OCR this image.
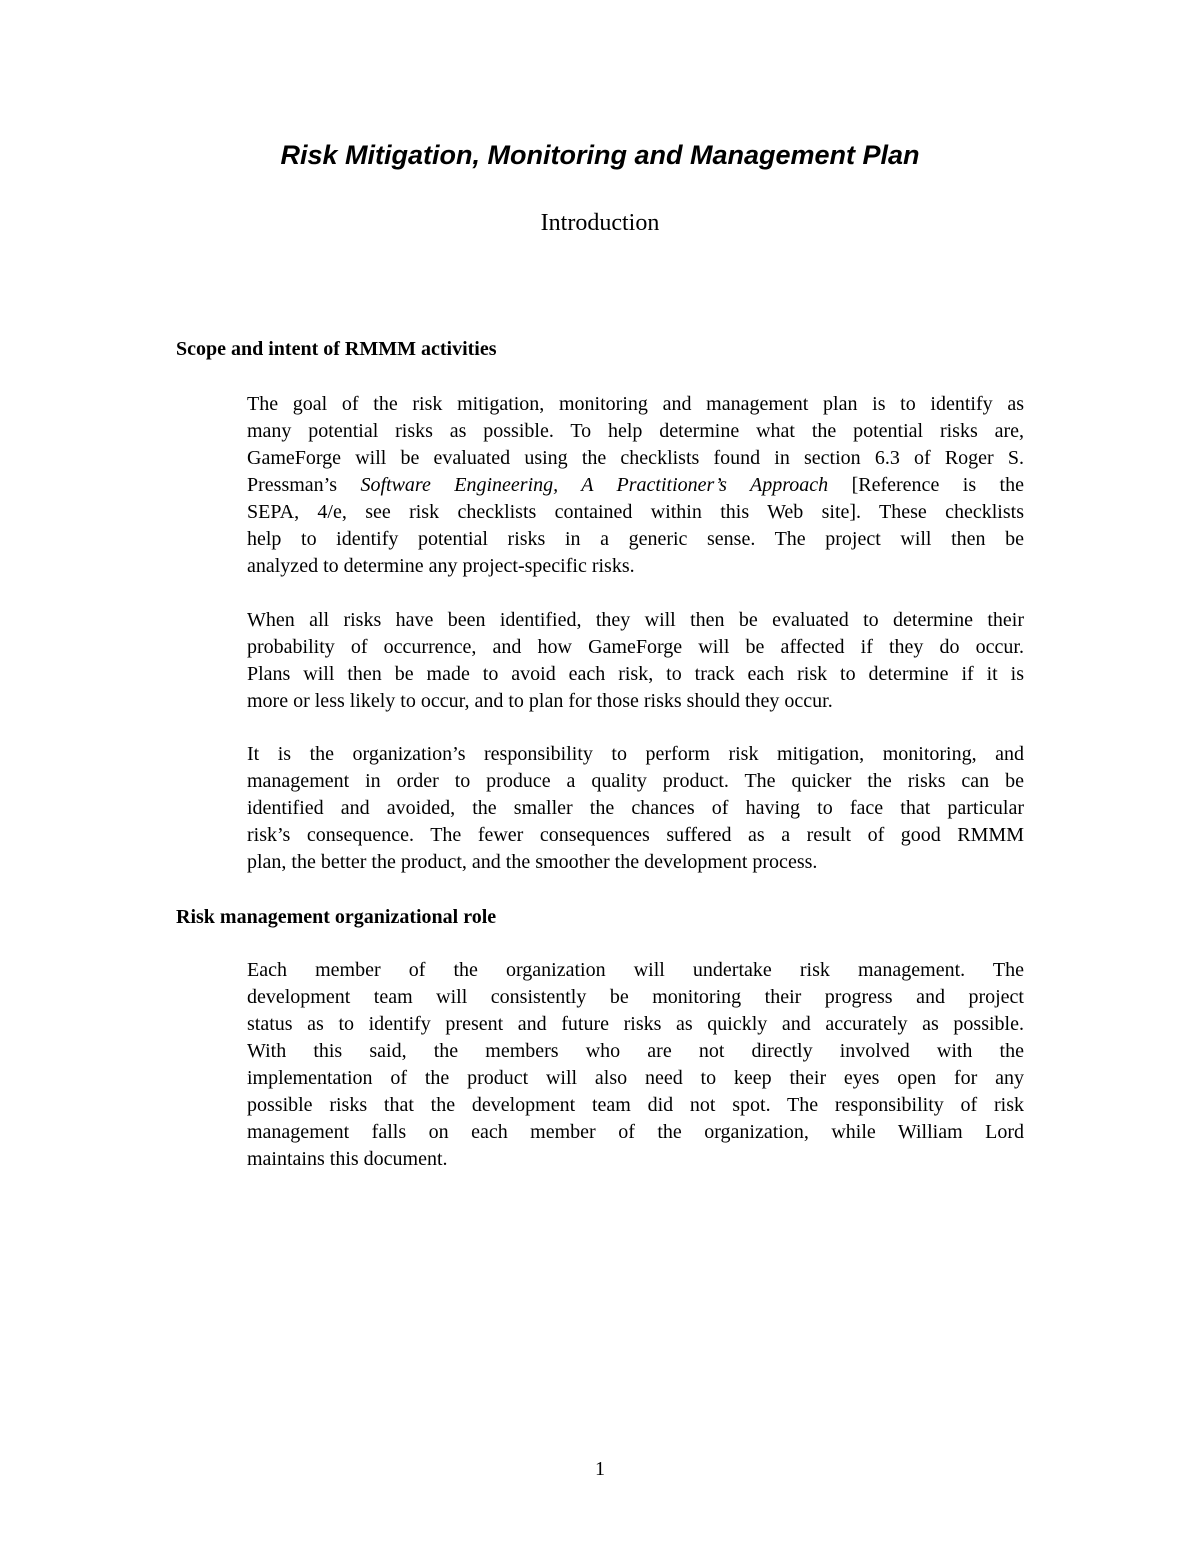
Risk Mitigation, Monitoring and Management Plan
Introduction
Scope and intent of RMMM activities
The goal of the risk mitigation, monitoring and management plan is to identify as
many potential risks as possible. To help determine what the potential risks are,
GameForge will be evaluated using the checklists found in section 6.3 of Roger S.
Pressman’s Software Engineering, A Practitioner’s Approach [Reference is the
SEPA, 4/e, see risk checklists contained within this Web site]. These checklists
help to identify potential risks in a generic sense. The project will then be
analyzed to determine any project-specific risks.
When all risks have been identified, they will then be evaluated to determine their
probability of occurrence, and how GameForge will be affected if they do occur.
Plans will then be made to avoid each risk, to track each risk to determine if it is
more or less likely to occur, and to plan for those risks should they occur.
It is the organization’s responsibility to perform risk mitigation, monitoring, and
management in order to produce a quality product. The quicker the risks can be
identified and avoided, the smaller the chances of having to face that particular
risk’s consequence. The fewer consequences suffered as a result of good RMMM
plan, the better the product, and the smoother the development process.
Risk management organizational role
Each member of the organization will undertake risk management. The
development team will consistently be monitoring their progress and project
status as to identify present and future risks as quickly and accurately as possible.
With this said, the members who are not directly involved with the
implementation of the product will also need to keep their eyes open for any
possible risks that the development team did not spot. The responsibility of risk
management falls on each member of the organization, while William Lord
maintains this document.
1
